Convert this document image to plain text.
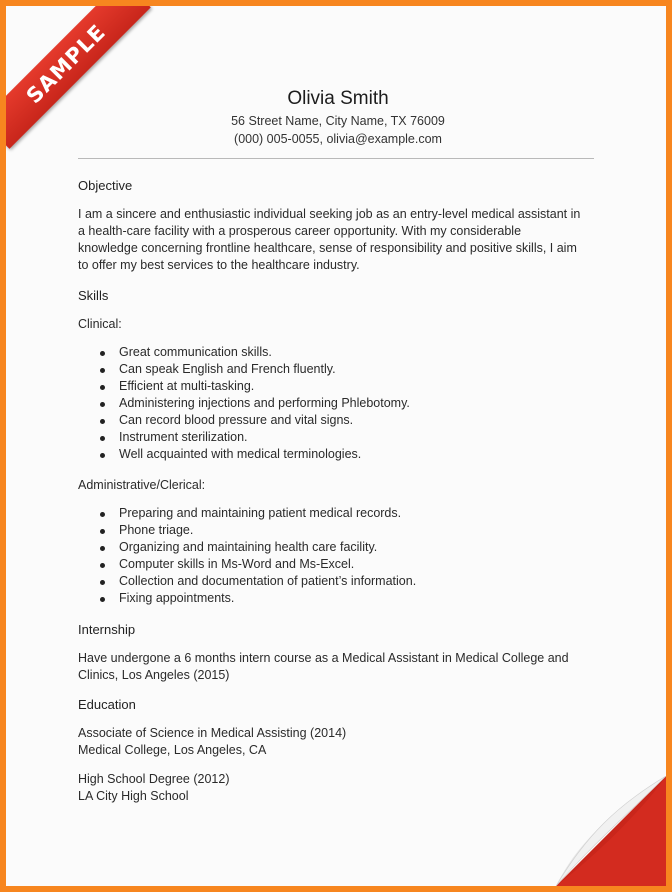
SAMPLE	Olivia Smith
56 Street Name, City Name, TX 76009
(000) 005-0055, olivia@example.com
Objective
I am a sincere and enthusiastic individual seeking job as an entry-level medical assistant in
a health-care facility with a prosperous career opportunity. With my considerable
knowledge concerning frontline healthcare, sense of responsibility and positive skills, I aim
to offer my best services to the healthcare industry.
Skills
Clinical:
Great communication skills.
Can speak English and French fluently.
Efficient at multi-tasking.
Administering injections and performing Phlebotomy.
Can record blood pressure and vital signs.
Instrument sterilization.
Well acquainted with medical terminologies.
Administrative/Clerical:
Preparing and maintaining patient medical records.
Phone triage.
Organizing and maintaining health care facility.
Computer skills in Ms-Word and Ms-Excel.
Collection and documentation of patient’s information.
Fixing appointments.
Internship
Have undergone a 6 months intern course as a Medical Assistant in Medical College and
Clinics, Los Angeles (2015)
Education
Associate of Science in Medical Assisting (2014)
Medical College, Los Angeles, CA
High School Degree (2012)
LA City High School
